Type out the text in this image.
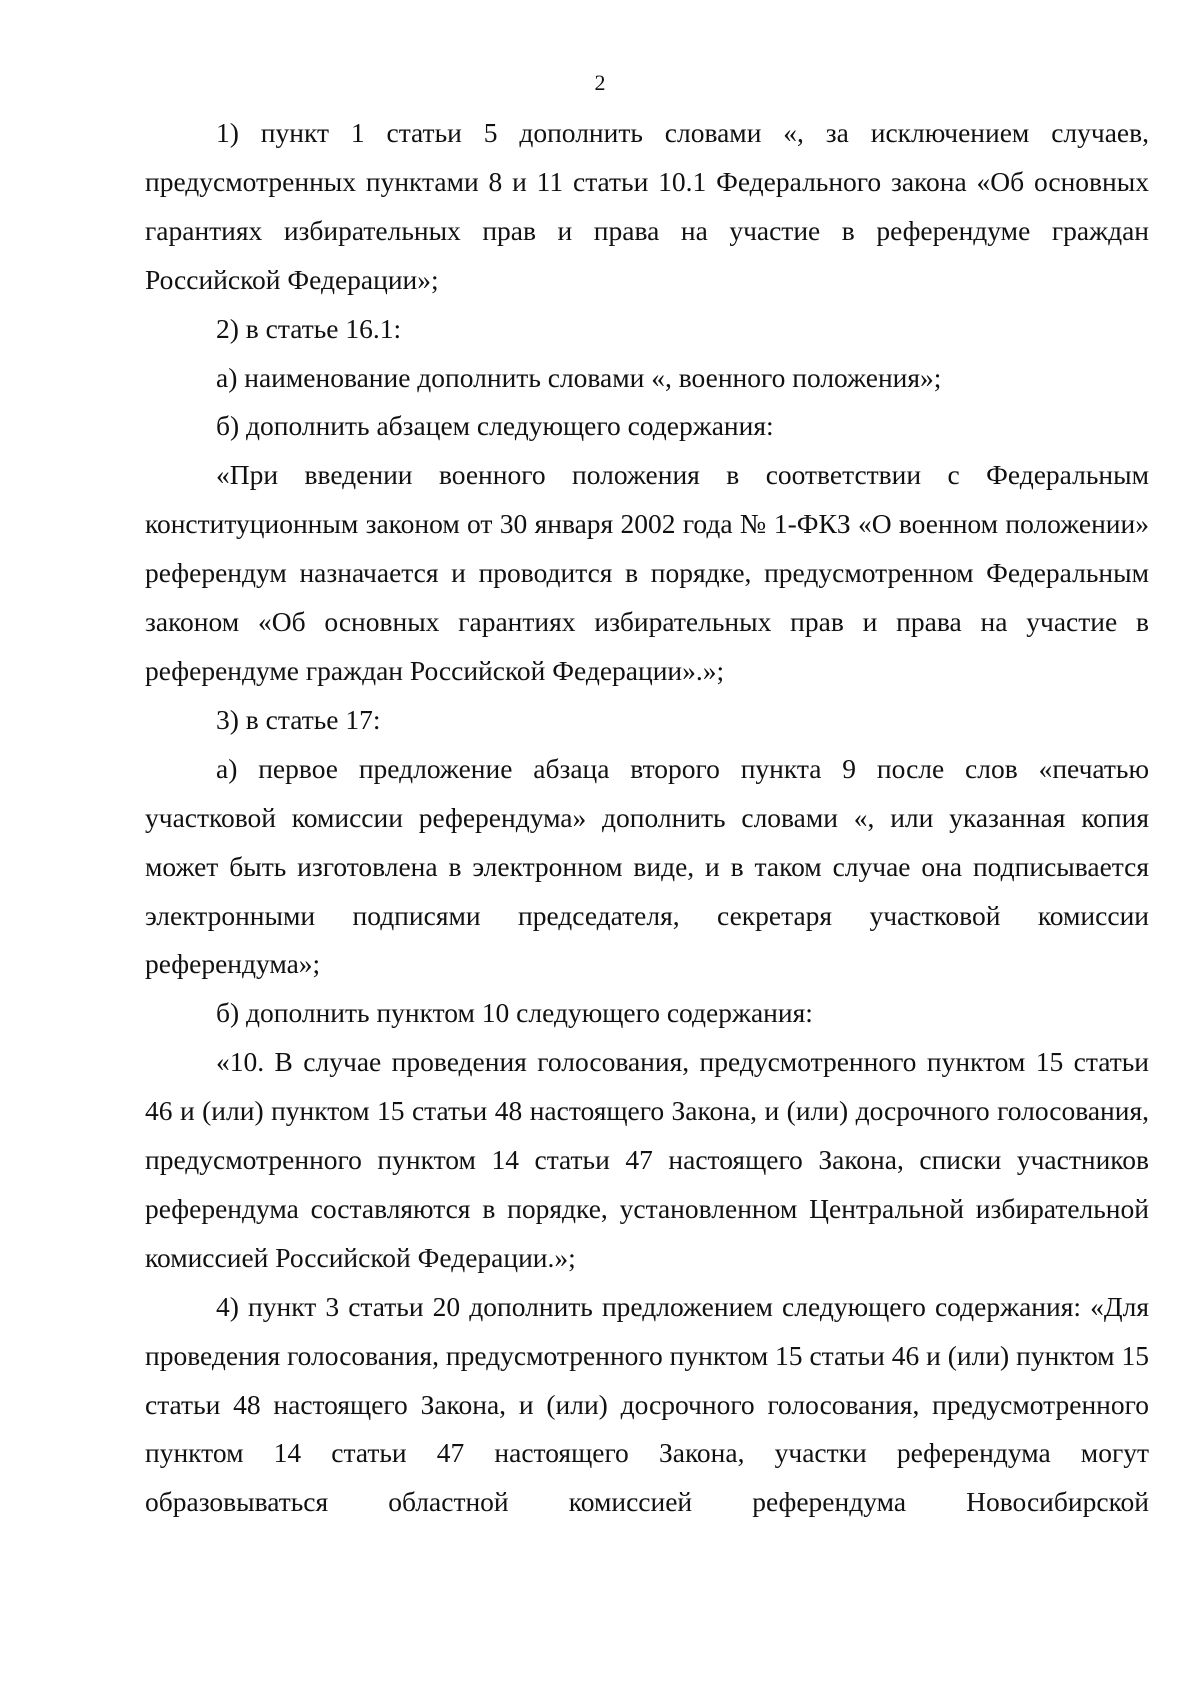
2

1) пункт 1 статьи 5 дополнить словами «, за исключением случаев, предусмотренных пунктами 8 и 11 статьи 10.1 Федерального закона «Об основных гарантиях избирательных прав и права на участие в референдуме граждан Российской Федерации»;

2) в статье 16.1:

а) наименование дополнить словами «, военного положения»;

б) дополнить абзацем следующего содержания:

«При введении военного положения в соответствии с Федеральным конституционным законом от 30 января 2002 года № 1-ФКЗ «О военном положении» референдум назначается и проводится в порядке, предусмотренном Федеральным законом «Об основных гарантиях избирательных прав и права на участие в референдуме граждан Российской Федерации».»;

3) в статье 17:

а) первое предложение абзаца второго пункта 9 после слов «печатью участковой комиссии референдума» дополнить словами «, или указанная копия может быть изготовлена в электронном виде, и в таком случае она подписывается электронными подписями председателя, секретаря участковой комиссии референдума»;

б) дополнить пунктом 10 следующего содержания:

«10. В случае проведения голосования, предусмотренного пунктом 15 статьи 46 и (или) пунктом 15 статьи 48 настоящего Закона, и (или) досрочного голосования, предусмотренного пунктом 14 статьи 47 настоящего Закона, списки участников референдума составляются в порядке, установленном Центральной избирательной комиссией Российской Федерации.»;

4) пункт 3 статьи 20 дополнить предложением следующего содержания: «Для проведения голосования, предусмотренного пунктом 15 статьи 46 и (или) пунктом 15 статьи 48 настоящего Закона, и (или) досрочного голосования, предусмотренного пунктом 14 статьи 47 настоящего Закона, участки референдума могут образовываться областной комиссией референдума Новосибирской
